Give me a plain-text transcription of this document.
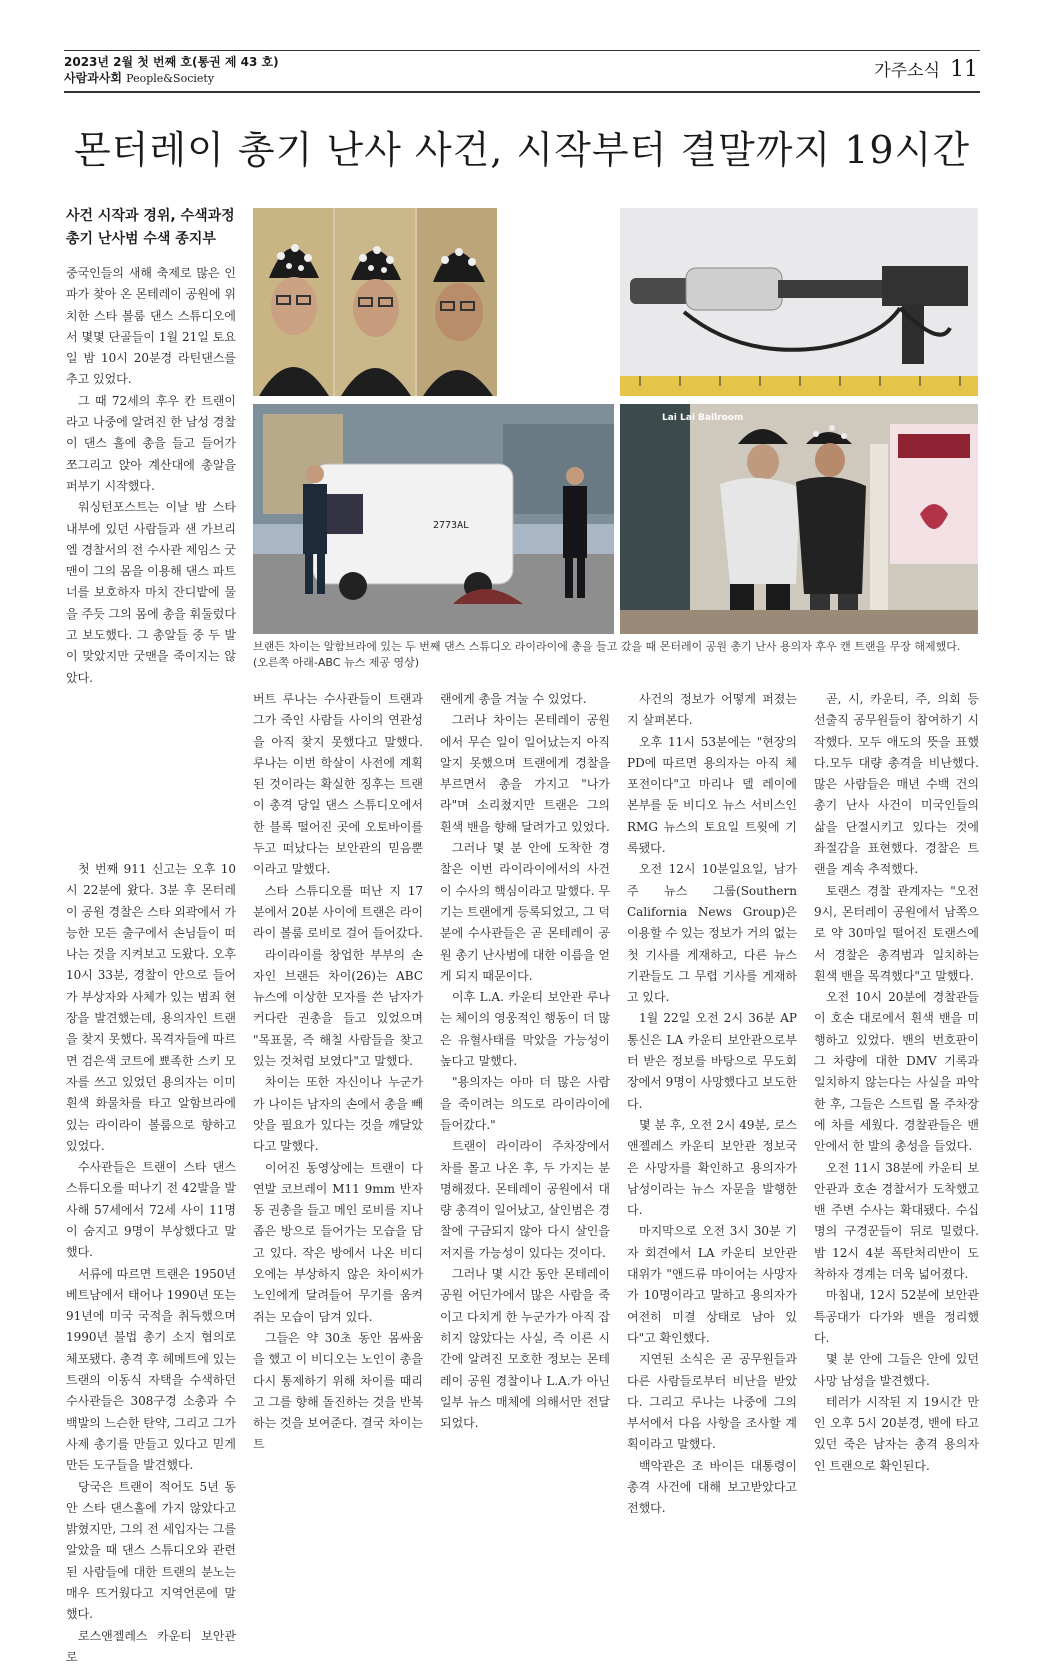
2023년 2월 첫 번째 호(통권 제 43 호)
사람과사회 People&Society	가주소식 11
몬터레이 총기 난사 사건, 시작부터 결말까지 19시간
사건 시작과 경위, 수색과정
총기 난사범 수색 종지부
2773AL
Lai Lai Ballroom
브랜든 차이는 알함브라에 있는 두 번째 댄스 스튜디오 라이라이에 총을 들고 갔을 때 몬터레이 공원 총기 난사 용의자 후우 캔 트랜을 무장 해제했다. (오른쪽 아래-ABC 뉴스 제공 영상)

중국인들의 새해 축제로 많은 인파가 찾아 온 몬테레이 공원에 위치한 스타 볼룸 댄스 스튜디오에서 몇몇 단골들이 1월 21일 토요일 밤 10시 20분경 라틴댄스를 추고 있었다.

그 때 72세의 후우 칸 트랜이라고 나중에 알려진 한 남성 경찰이 댄스 홀에 총을 들고 들어가 쪼그리고 앉아 계산대에 총알을 퍼부기 시작했다.

워싱턴포스트는 이날 밤 스타 내부에 있던 사람들과 샌 가브리엘 경찰서의 전 수사관 제임스 굿맨이 그의 몸을 이용해 댄스 파트너를 보호하자 마치 잔디밭에 물을 주듯 그의 몸에 총을 휘둘렀다고 보도했다. 그 총알들 중 두 발이 맞았지만 굿맨을 죽이지는 않았다.

첫 번째 911 신고는 오후 10시 22분에 왔다. 3분 후 몬터레이 공원 경찰은 스타 외곽에서 가능한 모든 출구에서 손님들이 떠나는 것을 지켜보고 도왔다. 오후 10시 33분, 경찰이 안으로 들어가 부상자와 사체가 있는 범죄 현장을 발견했는데, 용의자인 트랜을 찾지 못했다. 목격자들에 따르면 검은색 코트에 뾰족한 스키 모자를 쓰고 있었던 용의자는 이미 흰색 화물차를 타고 알함브라에 있는 라이라이 볼룸으로 향하고 있었다.

수사관들은 트랜이 스타 댄스 스튜디오를 떠나기 전 42발을 발사해 57세에서 72세 사이 11명이 숨지고 9명이 부상했다고 말했다.

서류에 따르면 트랜은 1950년 베트남에서 태어나 1990년 또는 91년에 미국 국적을 취득했으며 1990년 불법 총기 소지 혐의로 체포됐다. 총격 후 헤메트에 있는 트랜의 이동식 자택을 수색하던 수사관들은 308구경 소총과 수백발의 느슨한 탄약, 그리고 그가 사제 총기를 만들고 있다고 믿게 만든 도구들을 발견했다.

당국은 트랜이 적어도 5년 동안 스타 댄스홀에 가지 않았다고 밝혔지만, 그의 전 세입자는 그를 알았을 때 댄스 스튜디오와 관련된 사람들에 대한 트랜의 분노는 매우 뜨거웠다고 지역언론에 말했다.

로스앤젤레스 카운티 보안관로

버트 루나는 수사관들이 트랜과 그가 죽인 사람들 사이의 연관성을 아직 찾지 못했다고 말했다. 루나는 이번 학살이 사전에 계획된 것이라는 확실한 징후는 트랜이 총격 당일 댄스 스튜디오에서 한 블록 떨어진 곳에 오토바이를 두고 떠났다는 보안관의 믿음뿐이라고 말했다.

스타 스튜디오를 떠난 지 17분에서 20분 사이에 트랜은 라이라이 볼룸 로비로 걸어 들어갔다.

라이라이를 창업한 부부의 손자인 브랜든 차이(26)는 ABC 뉴스에 이상한 모자를 쓴 남자가 커다란 권총을 들고 있었으며 "목표물, 즉 해칠 사람들을 찾고 있는 것처럼 보였다"고 말했다.

차이는 또한 자신이나 누군가가 나이든 남자의 손에서 총을 빼앗을 필요가 있다는 것을 깨달았다고 말했다.

이어진 동영상에는 트랜이 다연발 코브레이 M11 9mm 반자동 권총을 들고 메인 로비를 지나 좁은 방으로 들어가는 모습을 담고 있다. 작은 방에서 나온 비디오에는 부상하지 않은 차이씨가 노인에게 달려들어 무기를 움켜쥐는 모습이 담겨 있다.

그들은 약 30초 동안 몸싸움을 했고 이 비디오는 노인이 총을 다시 통제하기 위해 차이를 때리고 그를 향해 돌진하는 것을 반복하는 것을 보여준다. 결국 차이는 트

랜에게 총을 겨눌 수 있었다.

그러나 차이는 몬테레이 공원에서 무슨 일이 일어났는지 아직 알지 못했으며 트랜에게 경찰을 부르면서 총을 가지고 "나가라"며 소리쳤지만 트랜은 그의 흰색 밴을 향해 달려가고 있었다.

그러나 몇 분 안에 도착한 경찰은 이번 라이라이에서의 사건이 수사의 핵심이라고 말했다. 무기는 트랜에게 등록되었고, 그 덕분에 수사관들은 곧 몬테레이 공원 총기 난사범에 대한 이름을 얻게 되지 때문이다.

이후 L.A. 카운티 보안관 루나는 체이의 영웅적인 행동이 더 많은 유혈사태를 막았을 가능성이 높다고 말했다.

"용의자는 아마 더 많은 사람을 죽이려는 의도로 라이라이에 들어갔다."

트랜이 라이라이 주차장에서 차를 몰고 나온 후, 두 가지는 분명해졌다. 몬테레이 공원에서 대량 총격이 일어났고, 살인범은 경찰에 구금되지 않아 다시 살인을 저지를 가능성이 있다는 것이다.

그러나 몇 시간 동안 몬테레이 공원 어딘가에서 많은 사람을 죽이고 다치게 한 누군가가 아직 잡히지 않았다는 사실, 즉 이른 시간에 알려진 모호한 정보는 몬테레이 공원 경찰이나 L.A.가 아닌 일부 뉴스 매체에 의해서만 전달되었다.

사건의 정보가 어떻게 퍼졌는지 살펴본다.

오후 11시 53분에는 "현장의 PD에 따르면 용의자는 아직 체포전이다"고 마리나 델 레이에 본부를 둔 비디오 뉴스 서비스인 RMG 뉴스의 토요일 트윗에 기록됐다.

오전 12시 10분일요일, 남가주 뉴스 그룹(Southern California News Group)은 이용할 수 있는 정보가 거의 없는 첫 기사를 게재하고, 다른 뉴스 기관들도 그 무렵 기사를 게재하고 있다.

1월 22일 오전 2시 36분 AP통신은 LA 카운티 보안관으로부터 받은 정보를 바탕으로 무도회장에서 9명이 사망했다고 보도한다.

몇 분 후, 오전 2시 49분, 로스앤젤레스 카운티 보안관 정보국은 사망자를 확인하고 용의자가 남성이라는 뉴스 자문을 발행한다.

마지막으로 오전 3시 30분 기자 회견에서 LA 카운티 보안관 대위가 "앤드류 마이어는 사망자가 10명이라고 말하고 용의자가 여전히 미결 상태로 남아 있다"고 확인했다.

지연된 소식은 곧 공무원들과 다른 사람들로부터 비난을 받았다. 그리고 루나는 나중에 그의 부서에서 다음 사항을 조사할 계획이라고 말했다.

백악관은 조 바이든 대통령이 총격 사건에 대해 보고받았다고 전했다.

곧, 시, 카운티, 주, 의회 등 선출직 공무원들이 참여하기 시작했다. 모두 애도의 뜻을 표했다.모두 대량 총격을 비난했다. 많은 사람들은 매년 수백 건의 총기 난사 사건이 미국인들의 삶을 단절시키고 있다는 것에 좌절감을 표현했다. 경찰은 트랜을 계속 추적했다.

토랜스 경찰 관계자는 "오전 9시, 몬터레이 공원에서 남쪽으로 약 30마일 떨어진 토랜스에서 경찰은 총격범과 일치하는 흰색 밴을 목격했다"고 말했다.

오전 10시 20분에 경찰관들이 호손 대로에서 흰색 밴을 미행하고 있었다. 밴의 번호판이 그 차량에 대한 DMV 기록과 일치하지 않는다는 사실을 파악한 후, 그들은 스트립 몰 주차장에 차를 세웠다. 경찰관들은 밴 안에서 한 발의 총성을 들었다.

오전 11시 38분에 카운티 보안관과 호손 경찰서가 도착했고 밴 주변 수사는 확대됐다. 수십 명의 구경꾼들이 뒤로 밀렸다. 밤 12시 4분 폭탄처리반이 도착하자 경계는 더욱 넓어졌다.

마침내, 12시 52분에 보안관 특공대가 다가와 밴을 정리했다.

몇 분 안에 그들은 안에 있던 사망 남성을 발견했다.

테러가 시작된 지 19시간 만인 오후 5시 20분경, 밴에 타고 있던 죽은 남자는 총격 용의자인 트랜으로 확인된다.
